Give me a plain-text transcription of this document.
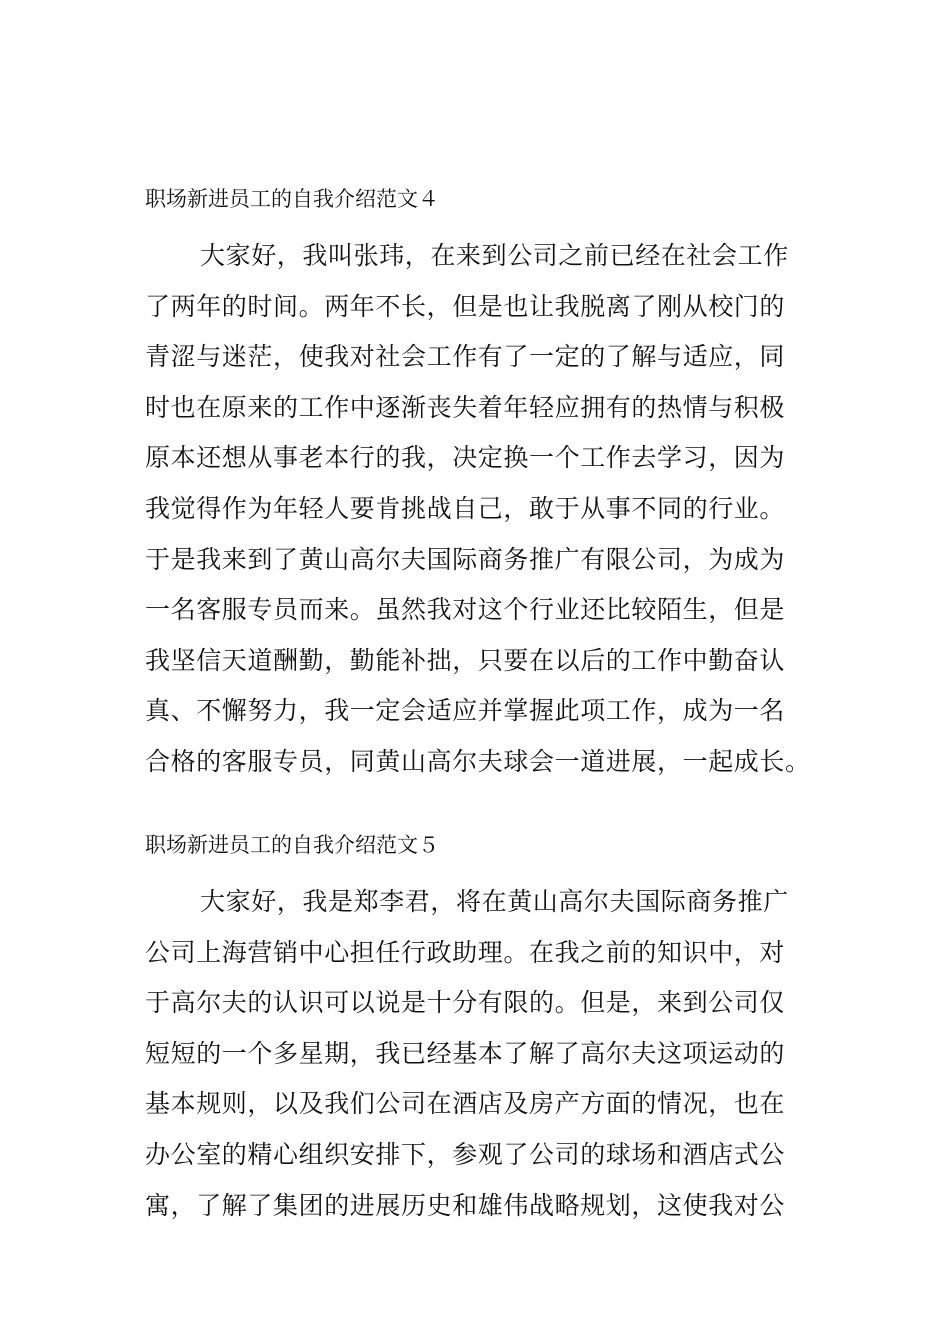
职场新进员工的自我介绍范文４
大家好，我叫张玮，在来到公司之前已经在社会工作
了两年的时间。两年不长，但是也让我脱离了刚从校门的
青涩与迷茫，使我对社会工作有了一定的了解与适应，同
时也在原来的工作中逐渐丧失着年轻应拥有的热情与积极
原本还想从事老本行的我，决定换一个工作去学习，因为
我觉得作为年轻人要肯挑战自己，敢于从事不同的行业。
于是我来到了黄山高尔夫国际商务推广有限公司，为成为
一名客服专员而来。虽然我对这个行业还比较陌生，但是
我坚信天道酬勤，勤能补拙，只要在以后的工作中勤奋认
真、不懈努力，我一定会适应并掌握此项工作，成为一名
合格的客服专员，同黄山高尔夫球会一道进展，一起成长。
职场新进员工的自我介绍范文５
大家好，我是郑李君，将在黄山高尔夫国际商务推广
公司上海营销中心担任行政助理。在我之前的知识中，对
于高尔夫的认识可以说是十分有限的。但是，来到公司仅
短短的一个多星期，我已经基本了解了高尔夫这项运动的
基本规则，以及我们公司在酒店及房产方面的情况，也在
办公室的精心组织安排下，参观了公司的球场和酒店式公
寓，了解了集团的进展历史和雄伟战略规划，这使我对公
